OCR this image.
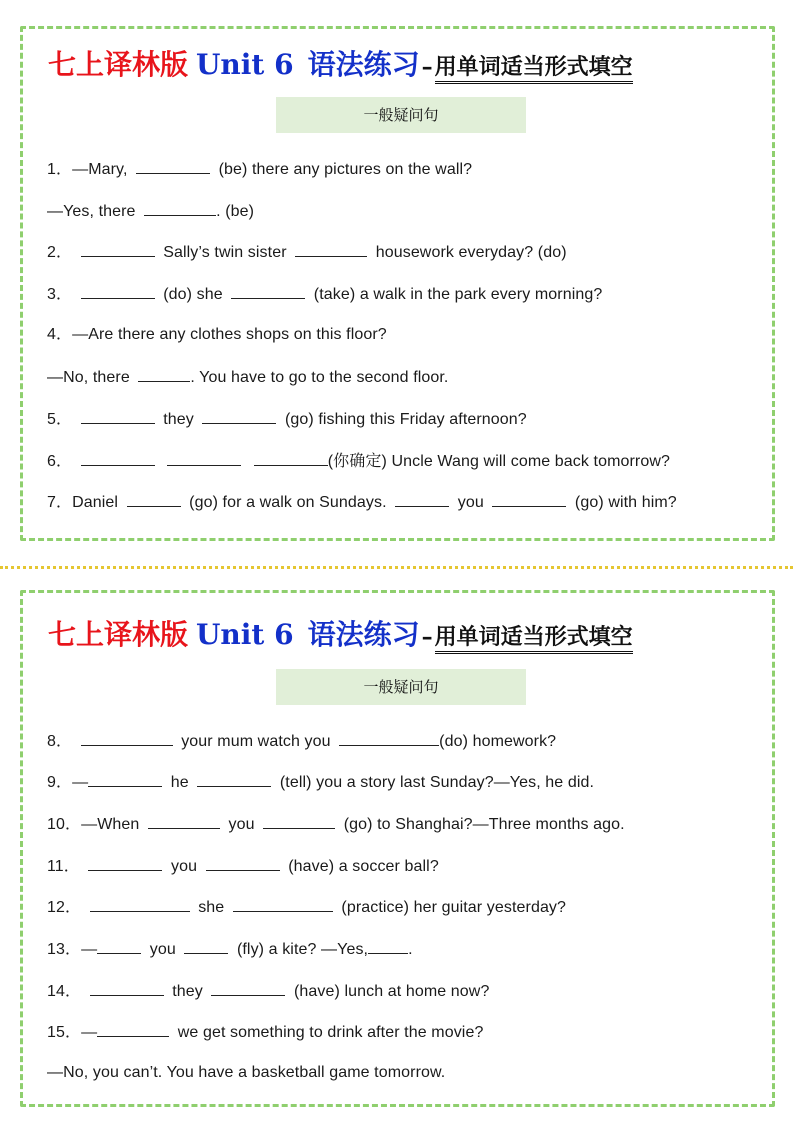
七上译林版 Unit 6 语法练习–用单词适当形式填空
一般疑问句
1．—Mary,	(be) there any pictures on the wall?
—Yes, there	. (be)
2．	Sally’s twin sister	housework everyday? (do)
3．	(do) she	(take) a walk in the park every morning?
4．—Are there any clothes shops on this floor?
—No, there	. You have to go to the second floor.
5．	they	(go) fishing this Friday afternoon?
6．	(你确定) Uncle Wang will come back tomorrow?
7．Daniel	(go) for a walk on Sundays.	you	(go) with him?
七上译林版 Unit 6 语法练习–用单词适当形式填空
一般疑问句
8．	your mum watch you	(do) homework?
9．—	he	(tell) you a story last Sunday?—Yes, he did.
10．—When	you	(go) to Shanghai?—Three months ago.
11．	you	(have) a soccer ball?
12．	she	(practice) her guitar yesterday?
13．—	you	(fly) a kite? —Yes,	.
14．	they	(have) lunch at home now?
15．—	we get something to drink after the movie?
—No, you can’t. You have a basketball game tomorrow.
